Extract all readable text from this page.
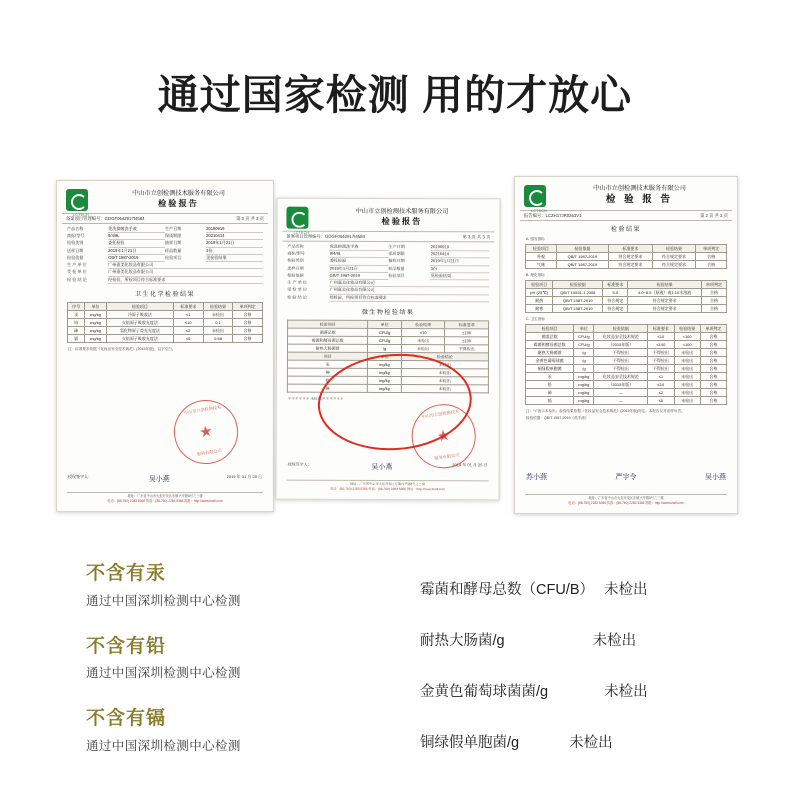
通过国家检测 用的才放心
LCTECH
中山市立创检测技术服务有限公司
检验报告
备案项目管理编号：GDGF0642917t4584	第 3 页 共 3 页
产品名称	免洗抑菌洗手液	生产日期	20190919
商标/型号	9/4/9L	保质期限	20210414
检验类别	委托检验	抽样日期	2019年1月21日
送样日期	2019年1月21日	样品数量	3份
检验依据	GB/T 1987-2019	检验项目	见检验结果
生 产 单 位	广州嘉美化妆品有限公司
受 检 单 位	广州嘉美化妆品有限公司
检 验 结 论	经检验，所检项目符合标准要求
卫生化学检验结果
序号	单位	检验项目	标准要求	检验结果	单项判定
汞	mg/kg	冷原子吸收法	≤1	未检出	合格
铅	mg/kg	火焰原子吸收光度法	≤10	0.1	合格
砷	mg/kg	氢化物原子荧光光度法	≤2	未检出	合格
镉	mg/kg	火焰原子吸收光度法	≤5	0.58	合格
注：标准要求依据《化妆品安全技术规范》(2015年版)，以下空白。
授权签字人：	吴小燕	2019 年 01 月 25 日
中山市立创检测技术
★
服务有限公司
地址：广东省中山市火炬开发区东镇兴华路8号之三楼
电话：(86-760) 2283 5366 传真：(86-760) 2283 5366 网址：http://www.lcwtl.com
LCTECH
中山市立创检测技术服务有限公司
检验报告
备案项目管理编号：GDGF0642917t4584	第 3 页 共 3 页
产品名称	免洗抑菌洗手液	生产日期	20190919
商标/型号	9/4/9L	保质期限	20210414
检验类别	委托检验	抽样日期	2019年1月21日
送样日期	2019年1月21日	样品数量	3份
检验依据	GB/T 1987-2019	检验项目	见检验结果
生 产 单 位	广州嘉美化妆品有限公司
受 检 单 位	广州嘉美化妆品有限公司
检 验 结 论	经检验，所检项目符合标准要求
微生物检验结果
检验项目	单位	检验结果	标准要求
菌落总数	CFU/g	<10	≤100
霉菌和酵母菌总数	CFU/g	未检出	≤100
耐热大肠菌群	/g	未检出	不得检出
项目	单位	检验结论	
汞	mg/kg	未检出	
砷	mg/kg	未检出	
铅	mg/kg	未检出	
镉	mg/kg	未检出	
＊＊＊＊＊＊ 未检出 ＊＊＊＊＊＊
授权签字人：	吴小燕	2019 年 01 月 25 日
中山市立创检测技术
★
服务有限公司
地址：广东省中山市火炬开发区东镇兴华路8号之三楼
电话：(86-760) 2283 5366 传真：(86-760) 2283 5366 网址：http://www.lcwtl.com
LCTECH
中山市立创检测技术服务有限公司
检 验 报 告
报告编号：LCZH17JR0263V1	第 2 页 共 2 页
检验结果
A. 感官指标
检验项目	检验依据	标准要求	检验结果	单项判定
外观	QB/T 1987-2019	符合规定要求	符合规定要求	合格
气味	QB/T 1987-2019	符合规定要求	符合规定要求	合格
B. 理化指标
检验项目	检验依据	标准要求	检验结果	单项判定
pH (25℃)	QB/T 10531-1.2008	5.0	4.0~8.5（原液）或1:10水溶液	合格
耐热	QB/T 1987-2019	符合规定	符合规定要求	合格
耐寒	QB/T 1987-2019	符合规定	符合规定要求	合格
C. 卫生指标
检验项目	单位	检验依据	标准要求	检验结果	单项判定
菌落总数	CFU/g	化妆品安全技术规范	≤10	<100	合格
霉菌和酵母菌总数	CFU/g	（2015年版）	≤100	<100	合格
耐热大肠菌群	/g	不得检出	不得检出	未检出	合格
金黄色葡萄球菌	/g	不得检出	不得检出	未检出	合格
铜绿假单胞菌	/g	不得检出	不得检出	未检出	合格
汞	mg/kg	化妆品安全技术规范	≤1	未检出	合格
铅	mg/kg	（2015年版）	≤10	未检出	合格
砷	mg/kg	—	≤2	未检出	合格
镉	mg/kg	—	≤5	未检出	合格
注：“<”表示未检出；检验结果依据《化妆品安全技术规范》(2015年版)判定。本报告仅对来样负责。
检验依据：QB/T 1987-2019《洗手液》
苏小燕	严宇令	吴小燕
地址：广东省中山市火炬开发区东镇兴华路8号之三楼
电话：(86-760) 2283 5366 传真：(86-760) 2283 5366 网址：http://www.lcwtl.com
不含有汞
通过中国深圳检测中心检测
不含有铅
通过中国深圳检测中心检测
不含有镉
通过中国深圳检测中心检测
霉菌和酵母总数（CFU/B） 未检出
耐热大肠菌/g	未检出
金黄色葡萄球菌菌/g	未检出
铜绿假单胞菌/g	未检出
